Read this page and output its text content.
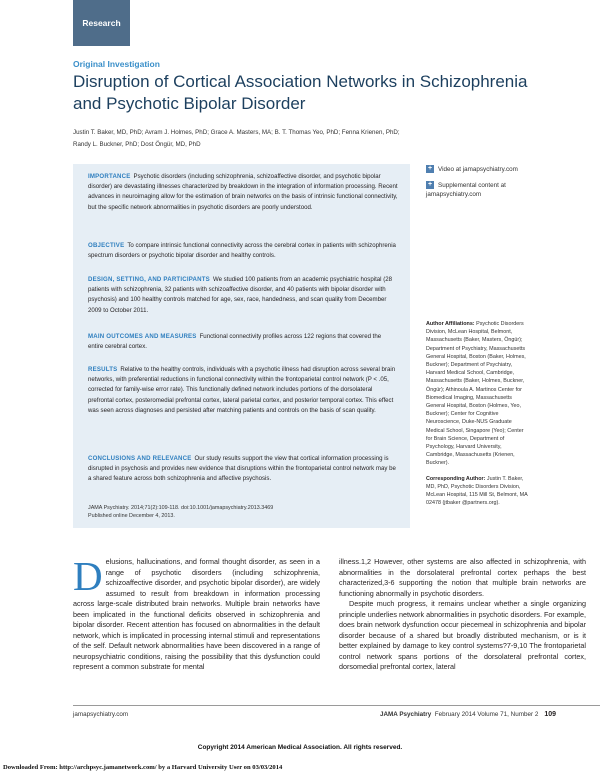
Research
Original Investigation
Disruption of Cortical Association Networks in Schizophrenia and Psychotic Bipolar Disorder
Justin T. Baker, MD, PhD; Avram J. Holmes, PhD; Grace A. Masters, MA; B. T. Thomas Yeo, PhD; Fenna Krienen, PhD; Randy L. Buckner, PhD; Dost Öngür, MD, PhD
IMPORTANCE Psychotic disorders (including schizophrenia, schizoaffective disorder, and psychotic bipolar disorder) are devastating illnesses characterized by breakdown in the integration of information processing. Recent advances in neuroimaging allow for the estimation of brain networks on the basis of intrinsic functional connectivity, but the specific network abnormalities in psychotic disorders are poorly understood.
OBJECTIVE To compare intrinsic functional connectivity across the cerebral cortex in patients with schizophrenia spectrum disorders or psychotic bipolar disorder and healthy controls.
DESIGN, SETTING, AND PARTICIPANTS We studied 100 patients from an academic psychiatric hospital (28 patients with schizophrenia, 32 patients with schizoaffective disorder, and 40 patients with bipolar disorder with psychosis) and 100 healthy controls matched for age, sex, race, handedness, and scan quality from December 2009 to October 2011.
MAIN OUTCOMES AND MEASURES Functional connectivity profiles across 122 regions that covered the entire cerebral cortex.
RESULTS Relative to the healthy controls, individuals with a psychotic illness had disruption across several brain networks, with preferential reductions in functional connectivity within the frontoparietal control network (P < .05, corrected for family-wise error rate). This functionally defined network includes portions of the dorsolateral prefrontal cortex, posteromedial prefrontal cortex, lateral parietal cortex, and posterior temporal cortex. This effect was seen across diagnoses and persisted after matching patients and controls on the basis of scan quality.
CONCLUSIONS AND RELEVANCE Our study results support the view that cortical information processing is disrupted in psychosis and provides new evidence that disruptions within the frontoparietal control network may be a shared feature across both schizophrenia and affective psychosis.
JAMA Psychiatry. 2014;71(2):109-118. doi:10.1001/jamapsychiatry.2013.3469
Published online December 4, 2013.
+ Video at jamapsychiatry.com
+ Supplemental content at jamapsychiatry.com
Author Affiliations: Psychotic Disorders Division, McLean Hospital, Belmont, Massachusetts (Baker, Masters, Öngür); Department of Psychiatry, Massachusetts General Hospital, Boston (Baker, Holmes, Buckner); Department of Psychiatry, Harvard Medical School, Cambridge, Massachusetts (Baker, Holmes, Buckner, Öngür); Athinoula A. Martinos Center for Biomedical Imaging, Massachusetts General Hospital, Boston (Holmes, Yeo, Buckner); Center for Cognitive Neuroscience, Duke-NUS Graduate Medical School, Singapore (Yeo); Center for Brain Science, Department of Psychology, Harvard University, Cambridge, Massachusetts (Krienen, Buckner).
Corresponding Author: Justin T. Baker, MD, PhD, Psychotic Disorders Division, McLean Hospital, 115 Mill St, Belmont, MA 02478 (jtbaker @partners.org).
Delusions, hallucinations, and formal thought disorder, as seen in a range of psychotic disorders (including schizophrenia, schizoaffective disorder, and psychotic bipolar disorder), are widely assumed to result from breakdown in information processing across large-scale distributed brain networks. Multiple brain networks have been implicated in the functional deficits observed in schizophrenia and bipolar disorder. Recent attention has focused on abnormalities in the default network, which is implicated in processing internal stimuli and representations of the self. Default network abnormalities have been discovered in a range of neuropsychiatric conditions, raising the possibility that this dysfunction could represent a common substrate for mental
illness.1,2 However, other systems are also affected in schizophrenia, with abnormalities in the dorsolateral prefrontal cortex perhaps the best characterized,3-6 supporting the notion that multiple brain networks are functioning abnormally in psychotic disorders.
Despite much progress, it remains unclear whether a single organizing principle underlies network abnormalities in psychotic disorders. For example, does brain network dysfunction occur piecemeal in schizophrenia and bipolar disorder because of a shared but broadly distributed mechanism, or is it better explained by damage to key control systems?7-9,10 The frontoparietal control network spans portions of the dorsolateral prefrontal cortex, dorsomedial prefrontal cortex, lateral
jamapsychiatry.com	JAMA Psychiatry February 2014 Volume 71, Number 2 109
Copyright 2014 American Medical Association. All rights reserved.
Downloaded From: http://archpsyc.jamanetwork.com/ by a Harvard University User on 03/03/2014
